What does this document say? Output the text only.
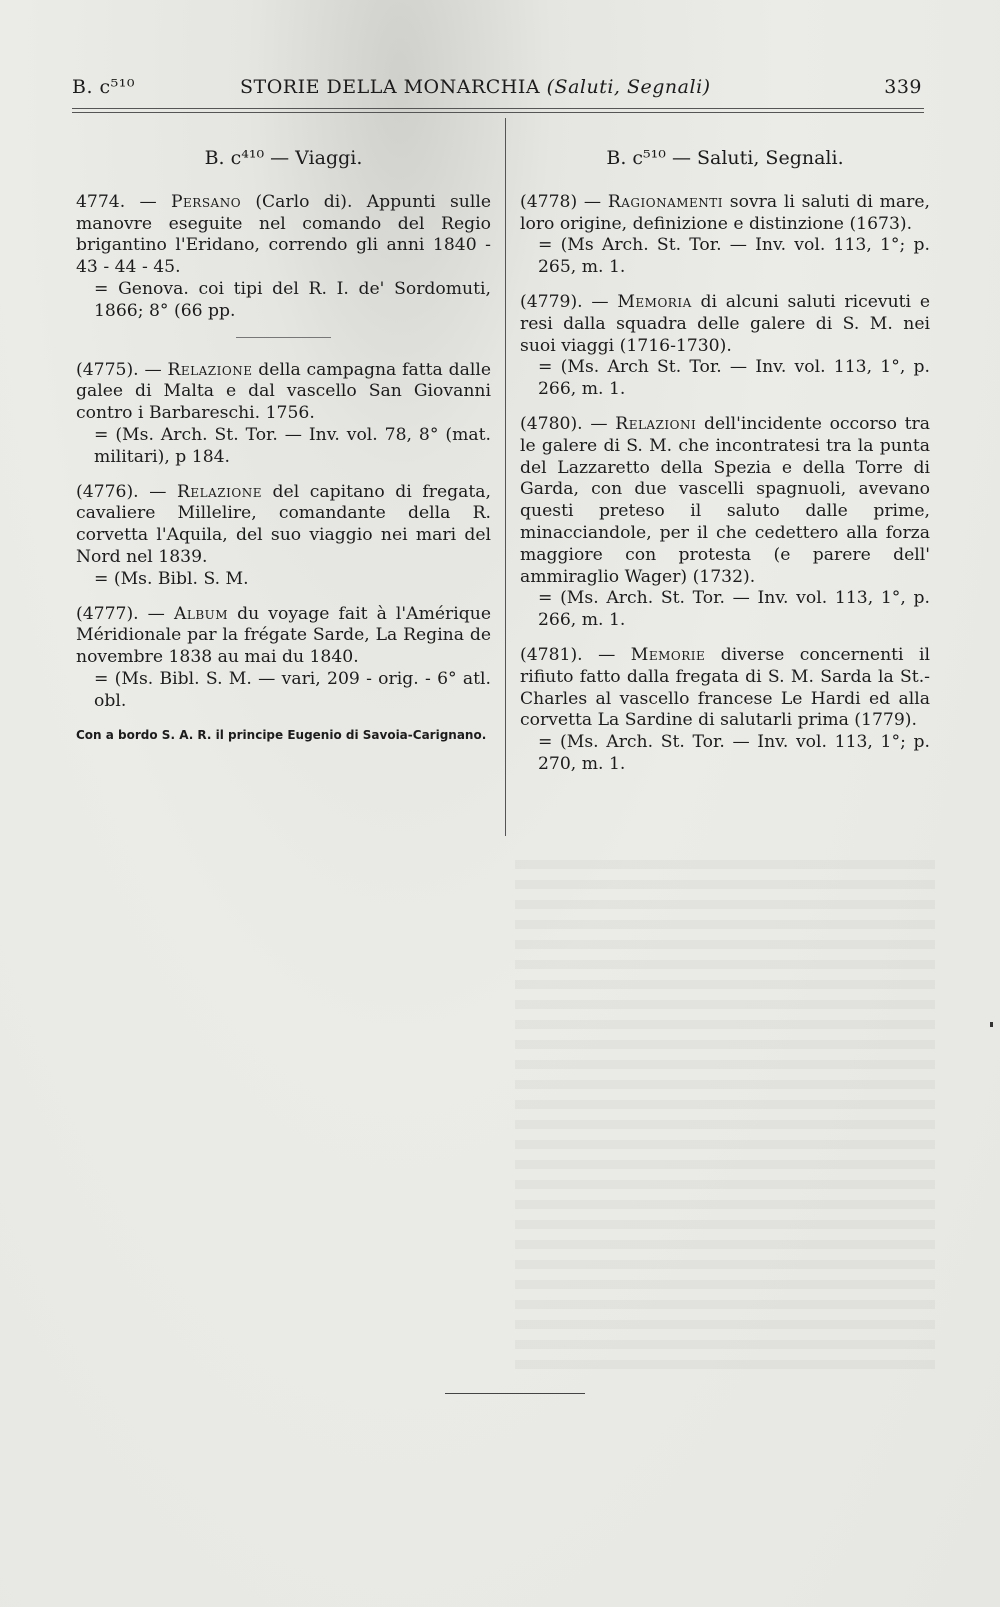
B. c⁵¹⁰	STORIE DELLA MONARCHIA (Saluti, Segnali)	339
B. c⁴¹⁰ — Viaggi.
4774. — Persano (Carlo di). Appunti sulle manovre eseguite nel comando del Regio brigantino l'Eridano, correndo gli anni 1840 - 43 - 44 - 45.
= Genova. coi tipi del R. I. de' Sordomuti, 1866; 8° (66 pp.
(4775). — Relazione della campagna fatta dalle galee di Malta e dal vascello San Giovanni contro i Barbareschi. 1756.
= (Ms. Arch. St. Tor. — Inv. vol. 78, 8° (mat. militari), p 184.
(4776). — Relazione del capitano di fregata, cavaliere Millelire, comandante della R. corvetta l'Aquila, del suo viaggio nei mari del Nord nel 1839.
= (Ms. Bibl. S. M.
(4777). — Album du voyage fait à l'Amérique Méridionale par la frégate Sarde, La Regina de novembre 1838 au mai du 1840.
= (Ms. Bibl. S. M. — vari, 209 - orig. - 6° atl. obl.
Con a bordo S. A. R. il principe Eugenio di Savoia-Carignano.
B. c⁵¹⁰ — Saluti, Segnali.
(4778) — Ragionamenti sovra li saluti di mare, loro origine, definizione e distinzione (1673).
= (Ms Arch. St. Tor. — Inv. vol. 113, 1°; p. 265, m. 1.
(4779). — Memoria di alcuni saluti ricevuti e resi dalla squadra delle galere di S. M. nei suoi viaggi (1716-1730).
= (Ms. Arch St. Tor. — Inv. vol. 113, 1°, p. 266, m. 1.
(4780). — Relazioni dell'incidente occorso tra le galere di S. M. che incontratesi tra la punta del Lazzaretto della Spezia e della Torre di Garda, con due vascelli spagnuoli, avevano questi preteso il saluto dalle prime, minacciandole, per il che cedettero alla forza maggiore con protesta (e parere dell' ammiraglio Wager) (1732).
= (Ms. Arch. St. Tor. — Inv. vol. 113, 1°, p. 266, m. 1.
(4781). — Memorie diverse concernenti il rifiuto fatto dalla fregata di S. M. Sarda la St.-Charles al vascello francese Le Hardi ed alla corvetta La Sardine di salutarli prima (1779).
= (Ms. Arch. St. Tor. — Inv. vol. 113, 1°; p. 270, m. 1.
